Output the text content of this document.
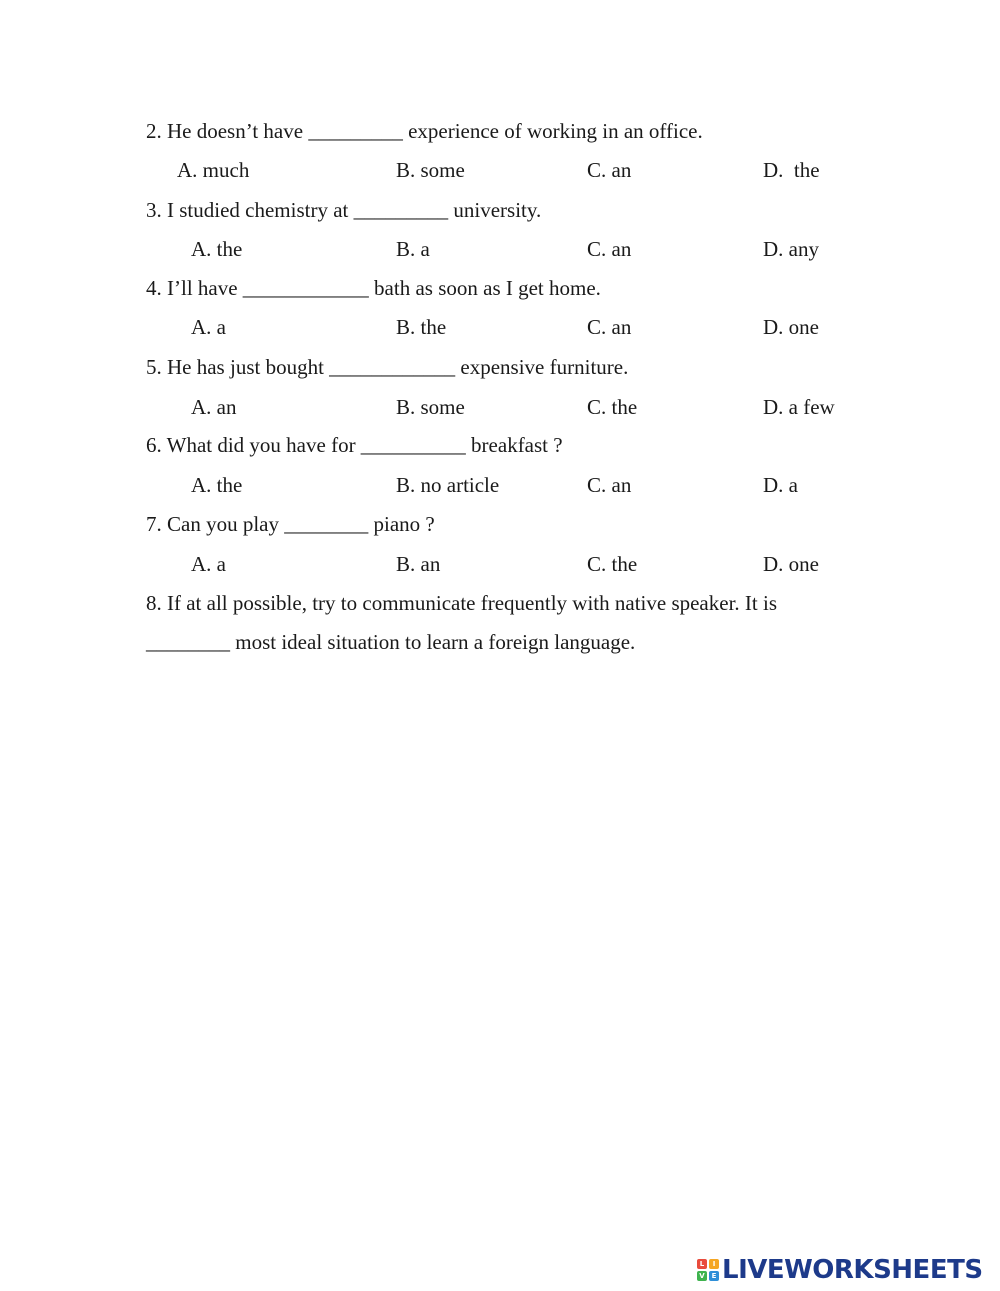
2. He doesn’t have _________ experience of working in an office.
A. much	B. some	C. an	D.  the
3. I studied chemistry at _________ university.
A. the	B. a	C. an	D. any
4. I’ll have ____________ bath as soon as I get home.
A. a	B. the	C. an	D. one
5. He has just bought ____________ expensive furniture.
A. an	B. some	C. the	D. a few
6. What did you have for __________ breakfast ?
A. the	B. no article	C. an	D. a
7. Can you play ________ piano ?
A. a	B. an	C. the	D. one
8. If at all possible, try to communicate frequently with native speaker. It is
________ most ideal situation to learn a foreign language.
L	I
V E LIVEWORKSHEETS
